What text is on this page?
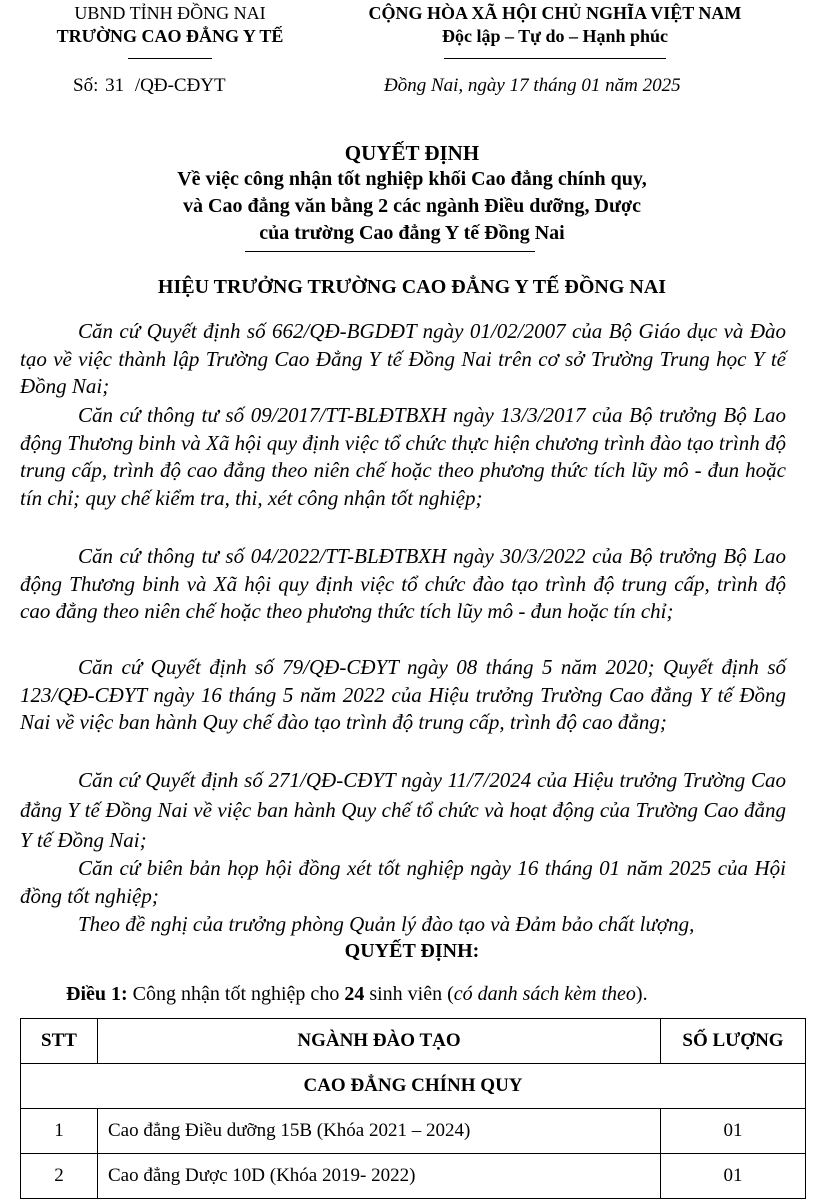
UBND TỈNH ĐỒNG NAI
TRƯỜNG CAO ĐẲNG Y TẾ
Số: 31 /QĐ-CĐYT
CỘNG HÒA XÃ HỘI CHỦ NGHĨA VIỆT NAM
Độc lập – Tự do – Hạnh phúc
Đồng Nai, ngày 17 tháng 01 năm 2025
QUYẾT ĐỊNH
Về việc công nhận tốt nghiệp khối Cao đẳng chính quy,
và Cao đẳng văn bằng 2 các ngành Điều dưỡng, Dược
của trường Cao đẳng Y tế Đồng Nai
HIỆU TRƯỞNG TRƯỜNG CAO ĐẲNG Y TẾ ĐỒNG NAI

Căn cứ Quyết định số 662/QĐ-BGDĐT ngày 01/02/2007 của Bộ Giáo dục và Đào tạo về việc thành lập Trường Cao Đẳng Y tế Đồng Nai trên cơ sở Trường Trung học Y tế Đồng Nai;

Căn cứ thông tư số 09/2017/TT-BLĐTBXH ngày 13/3/2017 của Bộ trưởng Bộ Lao động Thương binh và Xã hội quy định việc tổ chức thực hiện chương trình đào tạo trình độ trung cấp, trình độ cao đẳng theo niên chế hoặc theo phương thức tích lũy mô - đun hoặc tín chỉ; quy chế kiểm tra, thi, xét công nhận tốt nghiệp;

Căn cứ thông tư số 04/2022/TT-BLĐTBXH ngày 30/3/2022 của Bộ trưởng Bộ Lao động Thương binh và Xã hội quy định việc tổ chức đào tạo trình độ trung cấp, trình độ cao đẳng theo niên chế hoặc theo phương thức tích lũy mô - đun hoặc tín chỉ;

Căn cứ Quyết định số 79/QĐ-CĐYT ngày 08 tháng 5 năm 2020; Quyết định số 123/QĐ-CĐYT ngày 16 tháng 5 năm 2022 của Hiệu trưởng Trường Cao đẳng Y tế Đồng Nai về việc ban hành Quy chế đào tạo trình độ trung cấp, trình độ cao đẳng;

Căn cứ Quyết định số 271/QĐ-CĐYT ngày 11/7/2024 của Hiệu trưởng Trường Cao đẳng Y tế Đồng Nai về việc ban hành Quy chế tổ chức và hoạt động của Trường Cao đẳng Y tế Đồng Nai;

Căn cứ biên bản họp hội đồng xét tốt nghiệp ngày 16 tháng 01 năm 2025 của Hội đồng tốt nghiệp;

Theo đề nghị của trưởng phòng Quản lý đào tạo và Đảm bảo chất lượng,

QUYẾT ĐỊNH:
Điều 1: Công nhận tốt nghiệp cho 24 sinh viên (có danh sách kèm theo).
STT	NGÀNH ĐÀO TẠO	SỐ LƯỢNG
CAO ĐẲNG CHÍNH QUY		
1	Cao đẳng Điều dưỡng 15B (Khóa 2021 – 2024)	01
2	Cao đẳng Dược 10D (Khóa 2019- 2022)	01
